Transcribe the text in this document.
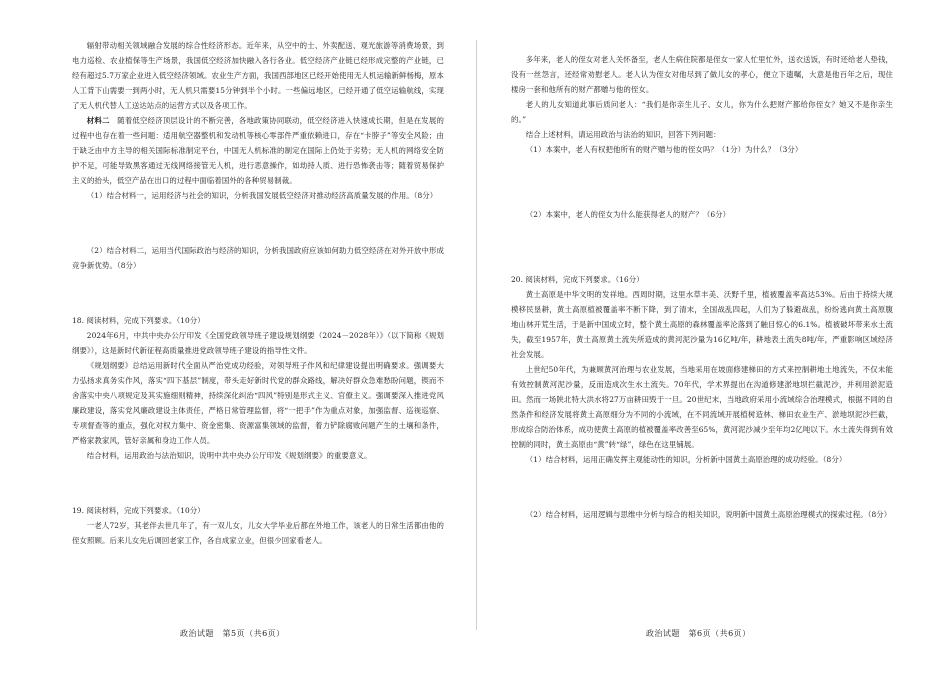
辐射带动相关领域融合发展的综合性经济形态。近年来，从空中的士、外卖配送、观光旅游等消费场景，到电力巡检、农业植保等生产场景，我国低空经济加快融入各行各业。低空经济产业链已经形成完整的产业链，已经有超过5.7万家企业进入低空经济领域。农业生产方面，我国西部地区已经开始使用无人机运输新鲜杨梅，原本人工背下山需要一到两小时，无人机只需要15分钟到半个小时。一些偏远地区，已经开通了低空运输航线，实现了无人机代替人工送达站点的运营方式以及各项工作。

材料二　 随着低空经济顶层设计的不断完善，各地政策协同联动，低空经济进入快速成长期，但是在发展的过程中也存在着一些问题：适用航空器整机和发动机等核心零部件严重依赖进口，存在“卡脖子”等安全风险；由于缺乏由中方主导的相关国际标准制定平台，中国无人机标准的制定在国际上仍处于劣势；无人机的网络安全防护不足，可能导致黑客通过无线网络接管无人机，进行恶意操作，如劫持人质、进行恐怖袭击等；随着贸易保护主义的抬头，低空产品在出口的过程中面临着国外的各种贸易制裁。

（1）结合材料一，运用经济与社会的知识，分析我国发展低空经济对推动经济高质量发展的作用。（8分）

（2）结合材料二，运用当代国际政治与经济的知识，分析我国政府应该如何助力低空经济在对外开放中形成竞争新优势。（8分）

18. 阅读材料，完成下列要求。（10分）

2024年6月，中共中央办公厅印发《全国党政领导班子建设规划纲要（2024－2028年）》（以下简称《规划纲要》），这是新时代新征程高质量推进党政领导班子建设的指导性文件。

《规划纲要》总结运用新时代全面从严治党成功经验，对领导班子作风和纪律建设提出明确要求。强调要大力弘扬求真务实作风，落实“四下基层”制度，带头走好新时代党的群众路线，解决好群众急难愁盼问题，锲而不舍落实中央八项规定及其实施细则精神，持续深化纠治“四风”特别是形式主义、官僚主义。强调要深入推进党风廉政建设，落实党风廉政建设主体责任，严格日常管理监督，将“一把手”作为重点对象，加强监督、巡视巡察、专项督查等的重点，强化对权力集中、资金密集、资源富集领域的监督，着力铲除腐败问题产生的土壤和条件，严格家教家风，管好亲属和身边工作人员。

结合材料，运用政治与法治知识，说明中共中央办公厅印发《规划纲要》的重要意义。

19. 阅读材料，完成下列要求。（10分）

一老人72岁，其老伴去世几年了，有一双儿女，儿女大学毕业后都在外地工作，该老人的日常生活都由他的侄女照顾。后来儿女先后调回老家工作，各自成家立业，但很少回家看老人。

政治试题　第5页（共6页）

多年来，老人的侄女对老人关怀备至，老人生病住院都是侄女一家人忙里忙外，送衣送饭，有时还给老人垫钱，没有一丝怨言，还经常劝慰老人。老人认为侄女对他尽到了做儿女的孝心，便立下遗嘱，大意是他百年之后，现住楼房一套和他所有的财产都赠与他的侄女。

老人的儿女知道此事后质问老人：“我们是你亲生儿子、女儿，你为什么把财产都给你侄女？她又不是你亲生的。”

结合上述材料，请运用政治与法治的知识，回答下列问题：

（1）本案中，老人有权把他所有的财产赠与他的侄女吗？（1分）为什么？（3分）

（2）本案中，老人的侄女为什么能获得老人的财产？（6分）

20. 阅读材料，完成下列要求。（16分）

黄土高原是中华文明的发祥地。西周时期，这里水草丰美、沃野千里，植被覆盖率高达53%。后由于持续大规模移民垦耕，黄土高原植被覆盖率不断下降，到了清末，全国战乱四起，人们为了躲避战乱，纷纷逃向黄土高原腹地山林开荒生活，于是新中国成立时，整个黄土高原的森林覆盖率沦落到了触目惊心的6.1%。植被破坏带来水土流失，截至1957年，黄土高原黄土流失所造成的黄河泥沙量为16亿吨/年，耕地表土流失8吨/年，严重影响区域经济社会发展。

上世纪50年代，为兼顾黄河治理与农业发展，当地采用在坡面修建梯田的方式来控制耕地土地流失，不仅未能有效控制黄河泥沙量，反而造成次生水土流失。70年代，学术界提出在沟道修建淤地坝拦截泥沙，并利用淤泥造田。然而一场陕北特大洪水将27万亩耕田毁于一旦。20世纪末，当地政府采用小流域综合治理模式，根据不同的自然条件和经济发展将黄土高原细分为不同的小流域，在不同流域开展植树造林、梯田农业生产、淤地坝泥沙拦截，形成综合防治体系，成功使黄土高原的植被覆盖率改善至65%，黄河泥沙减少至年均2亿吨以下。水土流失得到有效控制的同时，黄土高原由“黄”转“绿”，绿色在这里铺展。

（1）结合材料，运用正确发挥主观能动性的知识，分析新中国黄土高原治理的成功经验。（8分）

（2）结合材料，运用逻辑与思维中分析与综合的相关知识，说明新中国黄土高原治理模式的探索过程。（8分）

政治试题　第6页（共6页）
